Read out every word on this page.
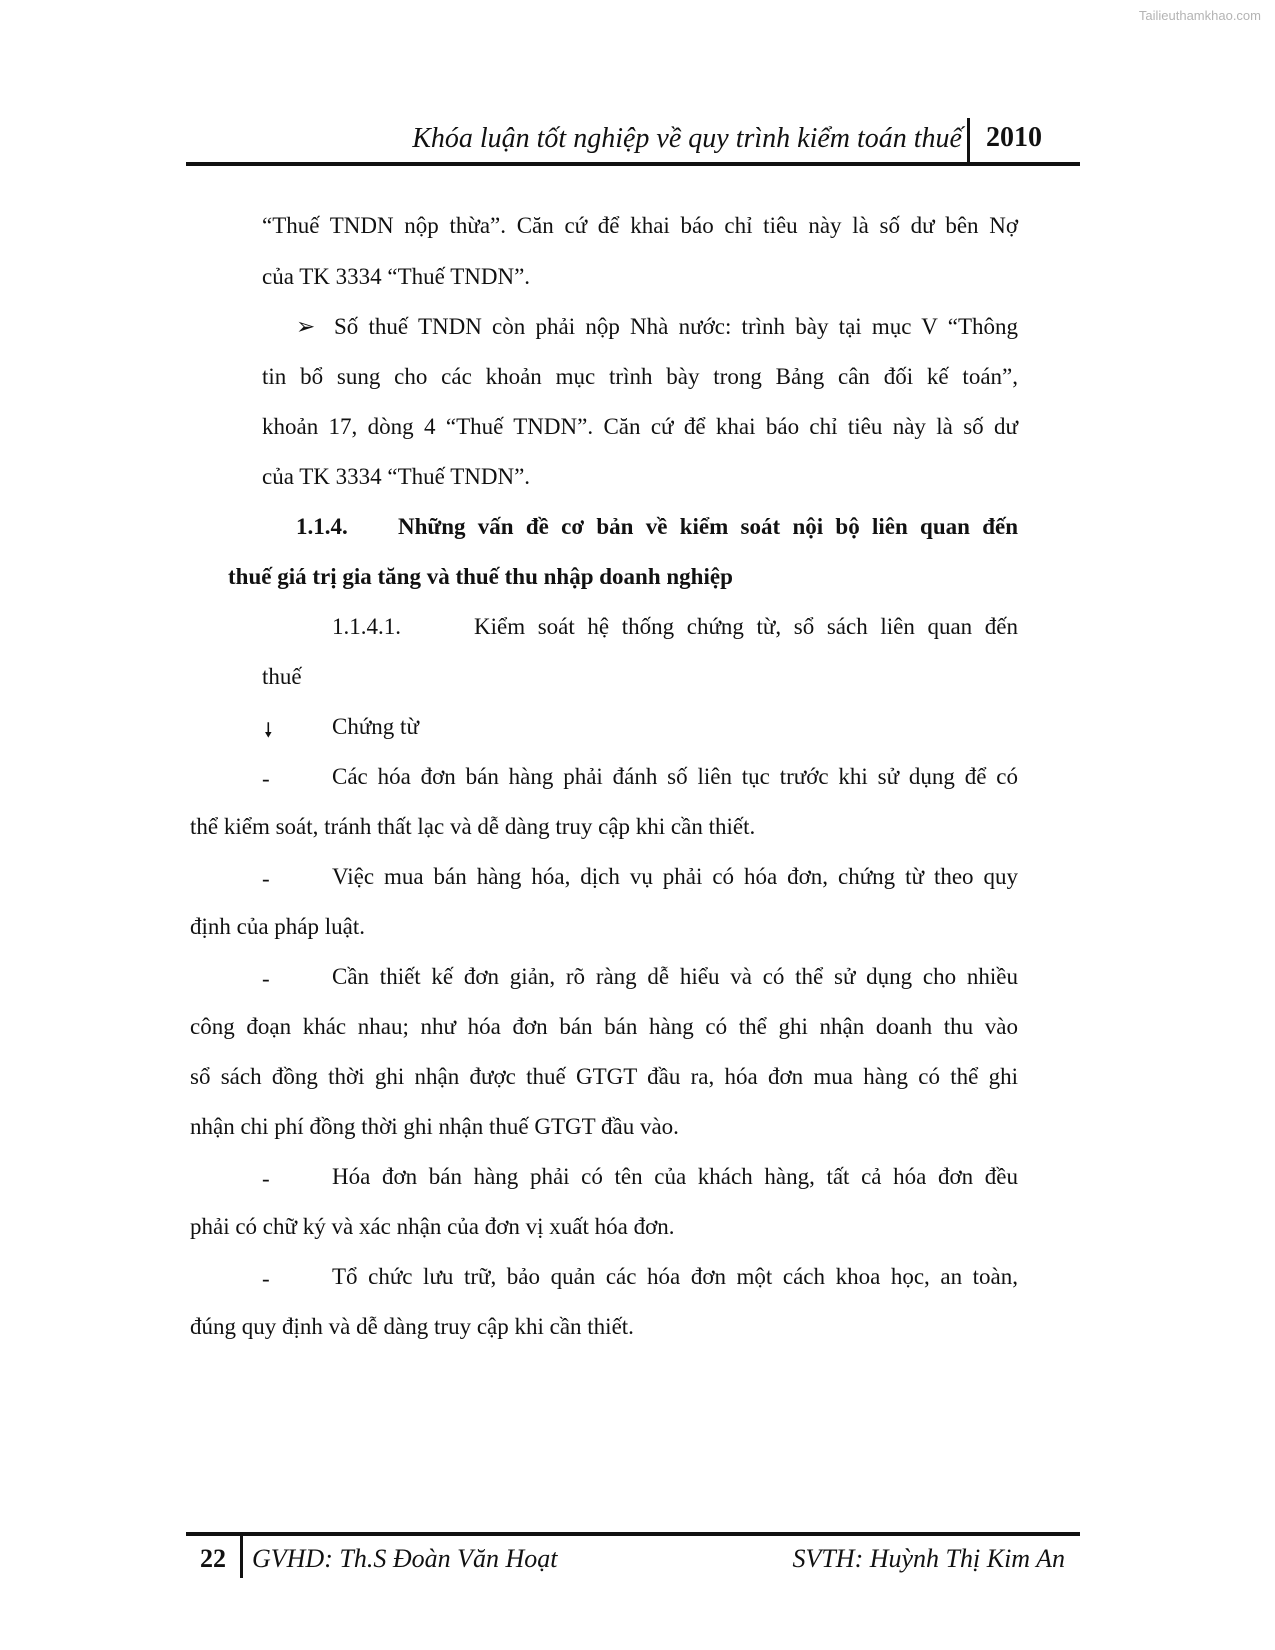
Tailieuthamkhao.com
Khóa luận tốt nghiệp về quy trình kiểm toán thuế 2010
“Thuế TNDN nộp thừa”. Căn cứ để khai báo chỉ tiêu này là số dư bên Nợ
của TK 3334 “Thuế TNDN”.
➢ Số thuế TNDN còn phải nộp Nhà nước: trình bày tại mục V “Thông
tin bổ sung cho các khoản mục trình bày trong Bảng cân đối kế toán”,
khoản 17, dòng 4 “Thuế TNDN”. Căn cứ để khai báo chỉ tiêu này là số dư
của TK 3334 “Thuế TNDN”.
1.1.4. Những vấn đề cơ bản về kiểm soát nội bộ liên quan đến
thuế giá trị gia tăng và thuế thu nhập doanh nghiệp
1.1.4.1.	Kiểm soát hệ thống chứng từ, sổ sách liên quan đến
thuế
🠗	Chứng từ
-	Các hóa đơn bán hàng phải đánh số liên tục trước khi sử dụng để có
thể kiểm soát, tránh thất lạc và dễ dàng truy cập khi cần thiết.
-	Việc mua bán hàng hóa, dịch vụ phải có hóa đơn, chứng từ theo quy
định của pháp luật.
-	Cần thiết kế đơn giản, rõ ràng dễ hiểu và có thể sử dụng cho nhiều
công đoạn khác nhau; như hóa đơn bán bán hàng có thể ghi nhận doanh thu vào
sổ sách đồng thời ghi nhận được thuế GTGT đầu ra, hóa đơn mua hàng có thể ghi
nhận chi phí đồng thời ghi nhận thuế GTGT đầu vào.
-	Hóa đơn bán hàng phải có tên của khách hàng, tất cả hóa đơn đều
phải có chữ ký và xác nhận của đơn vị xuất hóa đơn.
-	Tổ chức lưu trữ, bảo quản các hóa đơn một cách khoa học, an toàn,
đúng quy định và dễ dàng truy cập khi cần thiết.
22 GVHD: Th.S Đoàn Văn Hoạt	SVTH: Huỳnh Thị Kim An
